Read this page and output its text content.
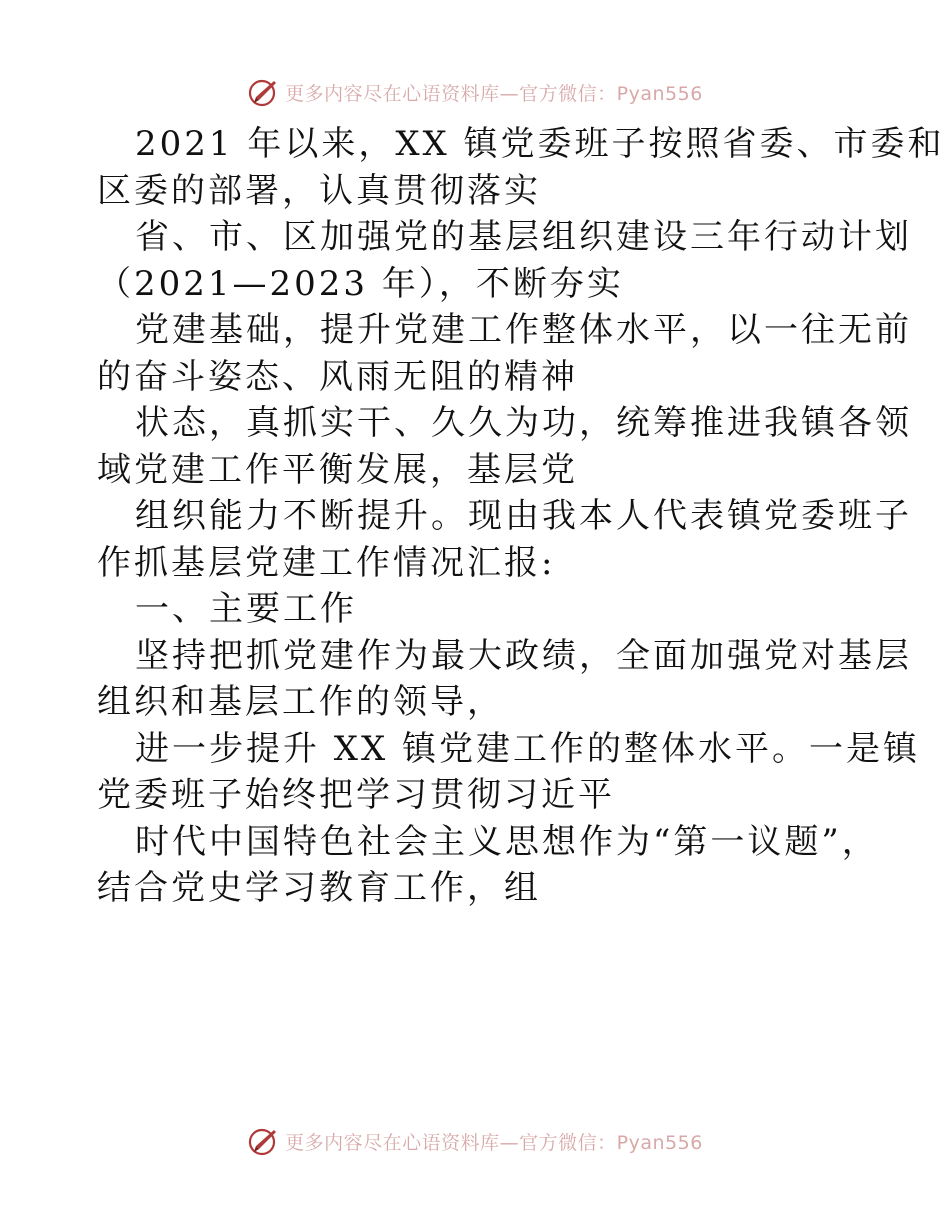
更多内容尽在心语资料库—官方微信：Pyan556
2021 年以来，XX 镇党委班子按照省委、市委和
区委的部署，认真贯彻落实
省、市、区加强党的基层组织建设三年行动计划
（2021—2023 年），不断夯实
党建基础，提升党建工作整体水平，以一往无前
的奋斗姿态、风雨无阻的精神
状态，真抓实干、久久为功，统筹推进我镇各领
域党建工作平衡发展，基层党
组织能力不断提升。现由我本人代表镇党委班子
作抓基层党建工作情况汇报:
一、主要工作
坚持把抓党建作为最大政绩，全面加强党对基层
组织和基层工作的领导，
进一步提升 XX 镇党建工作的整体水平。一是镇
党委班子始终把学习贯彻习近平
时代中国特色社会主义思想作为“第一议题”，
结合党史学习教育工作，组
更多内容尽在心语资料库—官方微信：Pyan556
